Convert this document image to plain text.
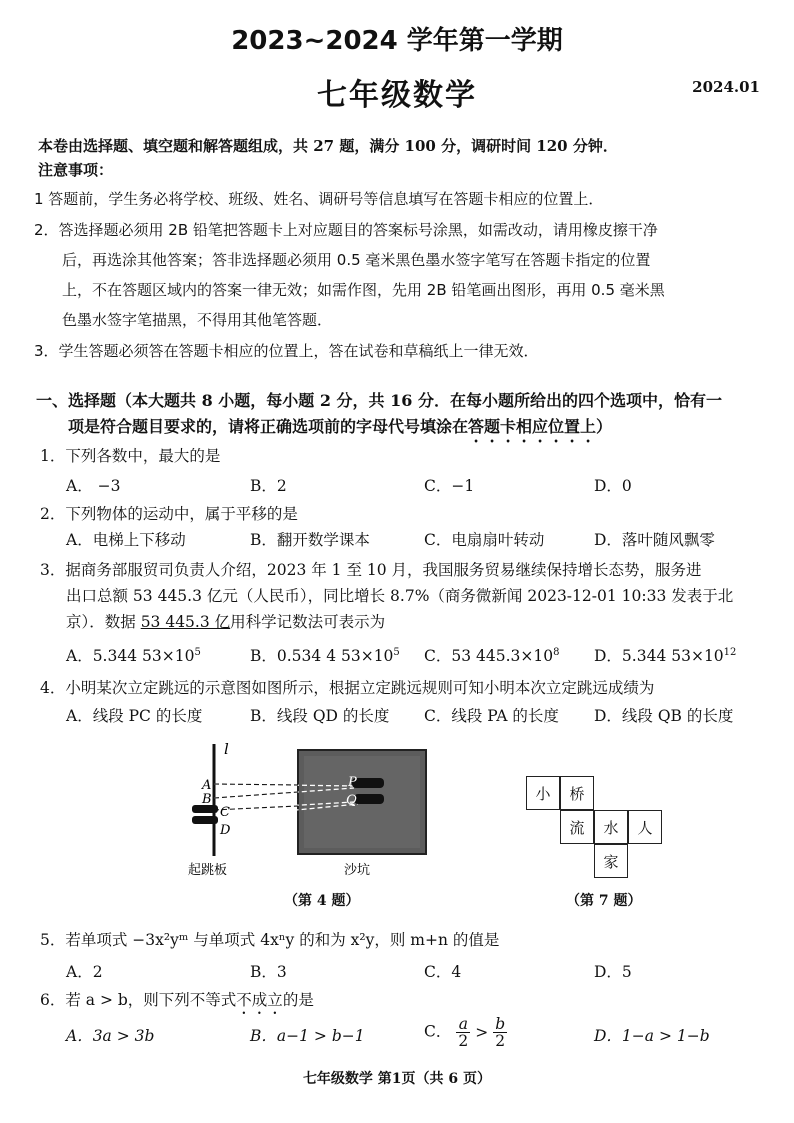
2023~2024 学年第一学期
七年级数学	2024.01
本卷由选择题、填空题和解答题组成，共 27 题，满分 100 分，调研时间 120 分钟．
注意事项：
1 答题前，学生务必将学校、班级、姓名、调研号等信息填写在答题卡相应的位置上．
2．答选择题必须用 2B 铅笔把答题卡上对应题目的答案标号涂黑，如需改动，请用橡皮擦干净
后，再选涂其他答案；答非选择题必须用 0.5 毫米黑色墨水签字笔写在答题卡指定的位置
上，不在答题区域内的答案一律无效；如需作图，先用 2B 铅笔画出图形，再用 0.5 毫米黑
色墨水签字笔描黑，不得用其他笔答题．
3．学生答题必须答在答题卡相应的位置上，答在试卷和草稿纸上一律无效．
一、选择题（本大题共 8 小题，每小题 2 分，共 16 分．在每小题所给出的四个选项中，恰有一
项是符合题目要求的，请将正确选项前的字母代号填涂在答题卡相应位置上）
1．下列各数中，最大的是
A． −3	B．2	C．−1	D．0
2．下列物体的运动中，属于平移的是
A．电梯上下移动	B．翻开数学课本	C．电扇扇叶转动	D．落叶随风飘零
3．据商务部服贸司负责人介绍，2023 年 1 至 10 月，我国服务贸易继续保持增长态势，服务进
出口总额 53 445.3 亿元（人民币），同比增长 8.7%（商务微新闻 2023-12-01 10:33 发表于北
京）．数据 53 445.3 亿用科学记数法可表示为
A．5.344 $53\times 10^5$	B．0.534 4 $53\times 10^5$ C．53 $445.3\times 10^8$ D．5.344 $53\times 10^{12}$
4．小明某次立定跳远的示意图如图所示，根据立定跳远规则可知小明本次立定跳远成绩为
A．线段 PC 的长度	B．线段 QD 的长度 C．线段 PA 的长度 D．线段 QB 的长度
l
A
B
C
D
P
Q
起跳板	沙坑
（第 4 题）
小	桥
流	水	人
家
（第 7 题）
5．若单项式 −3x²yᵐ 与单项式 4xⁿy 的和为 x²y，则 m+n 的值是
A．2	B．3	C．4	D．5
6．若 a > b，则下列不等式不成立的是
A．3a > 3b	B．a−1 > b−1	C． $\frac{a}{2} > \frac{b}{2}$	D．1−a > 1−b
七年级数学 第1页（共 6 页）
